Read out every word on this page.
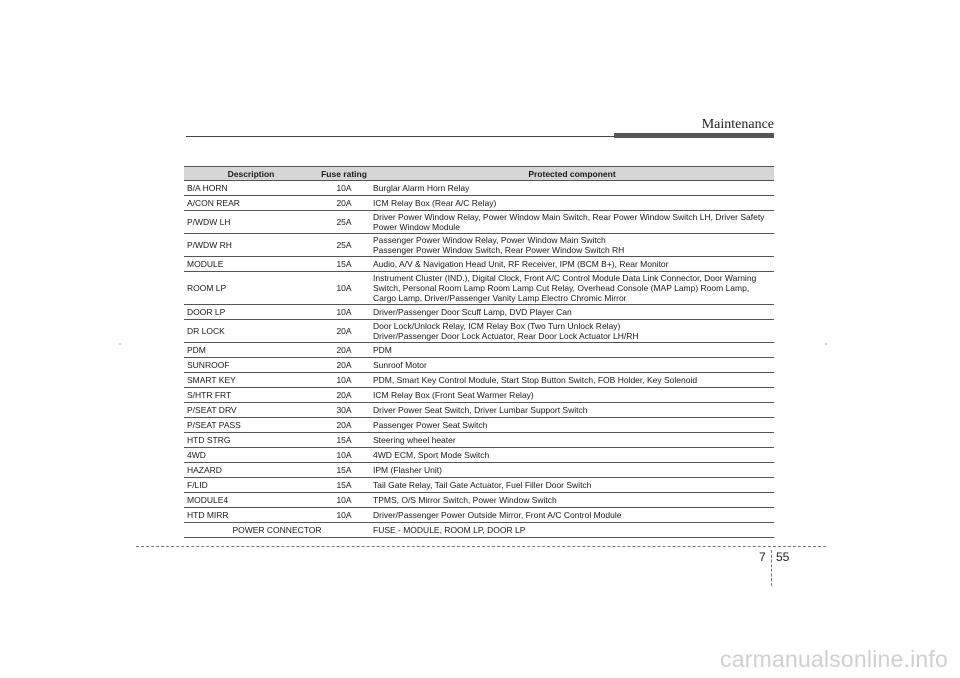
Maintenance
Description	Fuse rating	Protected component
B/A HORN	10A	Burglar Alarm Horn Relay
A/CON REAR	20A	ICM Relay Box (Rear A/C Relay)
P/WDW LH	25A	Driver Power Window Relay, Power Window Main Switch, Rear Power Window Switch LH, Driver Safety Power Window Module
P/WDW RH	25A	Passenger Power Window Relay, Power Window Main Switch
Passenger Power Window Switch, Rear Power Window Switch RH
MODULE	15A	Audio, A/V & Navigation Head Unit, RF Receiver, IPM (BCM B+), Rear Monitor
ROOM LP	10A	Instrument Cluster (IND.), Digital Clock, Front A/C Control Module Data Link Connector, Door Warning Switch, Personal Room Lamp Room Lamp Cut Relay, Overhead Console (MAP Lamp) Room Lamp, Cargo Lamp, Driver/Passenger Vanity Lamp Electro Chromic Mirror
DOOR LP	10A	Driver/Passenger Door Scuff Lamp, DVD Player Can
DR LOCK	20A	Door Lock/Unlock Relay, ICM Relay Box (Two Turn Unlock Relay)
Driver/Passenger Door Lock Actuator, Rear Door Lock Actuator LH/RH
PDM	20A	PDM
SUNROOF	20A	Sunroof Motor
SMART KEY	10A	PDM, Smart Key Control Module, Start Stop Button Switch, FOB Holder, Key Solenoid
S/HTR FRT	20A	ICM Relay Box (Front Seat Warmer Relay)
P/SEAT DRV	30A	Driver Power Seat Switch, Driver Lumbar Support Switch
P/SEAT PASS	20A	Passenger Power Seat Switch
HTD STRG	15A	Steering wheel heater
4WD	10A	4WD ECM, Sport Mode Switch
HAZARD	15A	IPM (Flasher Unit)
F/LID	15A	Tail Gate Relay, Tail Gate Actuator, Fuel Filler Door Switch
MODULE4	10A	TPMS, O/S Mirror Switch, Power Window Switch
HTD MIRR	10A	Driver/Passenger Power Outside Mirror, Front A/C Control Module
POWER CONNECTOR		FUSE - MODULE, ROOM LP, DOOR LP
7 55
carmanualsonline.info
